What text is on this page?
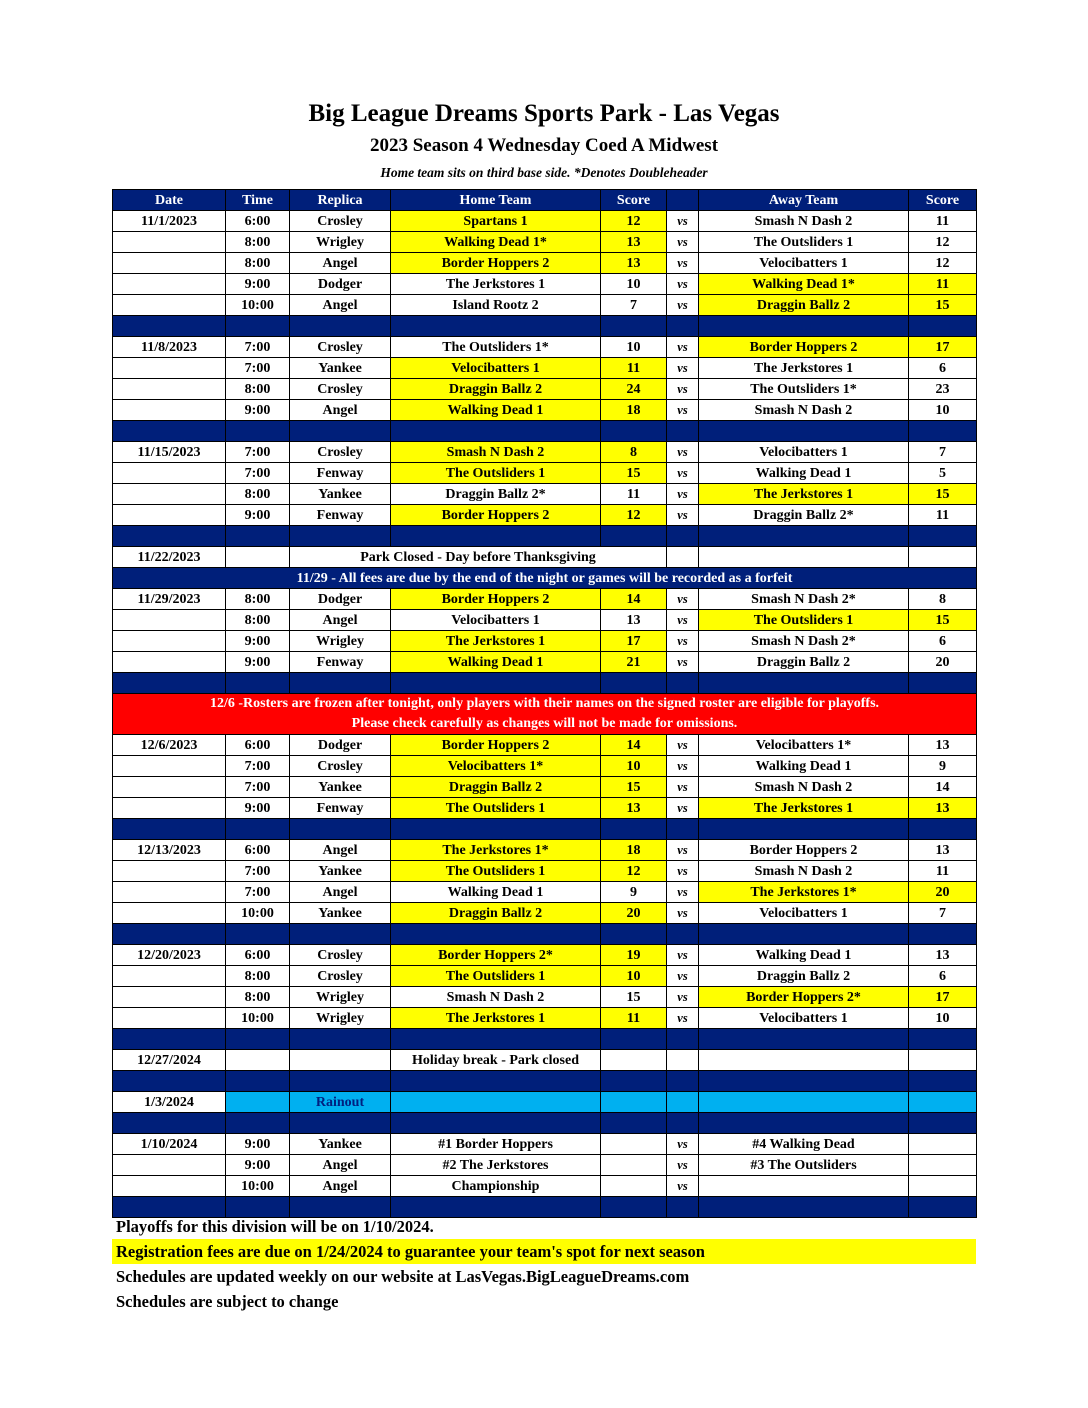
Big League Dreams Sports Park - Las Vegas
2023 Season 4 Wednesday Coed A Midwest
Home team sits on third base side. *Denotes Doubleheader
Date	Time	Replica	Home Team	Score		Away Team	Score
11/1/2023	6:00	Crosley	Spartans 1	12	vs	Smash N Dash 2	11
	8:00	Wrigley	Walking Dead 1*	13	vs	The Outsliders 1	12
	8:00	Angel	Border Hoppers 2	13	vs	Velocibatters 1	12
	9:00	Dodger	The Jerkstores 1	10	vs	Walking Dead 1*	11
	10:00	Angel	Island Rootz 2	7	vs	Draggin Ballz 2	15

11/8/2023	7:00	Crosley	The Outsliders 1*	10	vs	Border Hoppers 2	17
	7:00	Yankee	Velocibatters 1	11	vs	The Jerkstores 1	6
	8:00	Crosley	Draggin Ballz 2	24	vs	The Outsliders 1*	23
	9:00	Angel	Walking Dead 1	18	vs	Smash N Dash 2	10

11/15/2023	7:00	Crosley	Smash N Dash 2	8	vs	Velocibatters 1	7
	7:00	Fenway	The Outsliders 1	15	vs	Walking Dead 1	5
	8:00	Yankee	Draggin Ballz 2*	11	vs	The Jerkstores 1	15
	9:00	Fenway	Border Hoppers 2	12	vs	Draggin Ballz 2*	11

11/22/2023		Park Closed - Day before Thanksgiving					
11/29 - All fees are due by the end of the night or games will be recorded as a forfeit							
11/29/2023	8:00	Dodger	Border Hoppers 2	14	vs	Smash N Dash 2*	8
	8:00	Angel	Velocibatters 1	13	vs	The Outsliders 1	15
	9:00	Wrigley	The Jerkstores 1	17	vs	Smash N Dash 2*	6
	9:00	Fenway	Walking Dead 1	21	vs	Draggin Ballz 2	20

12/6 -Rosters are frozen after tonight, only players with their names on the signed roster are eligible for playoffs.
Please check carefully as changes will not be made for omissions.							

12/6/2023	6:00	Dodger	Border Hoppers 2	14	vs	Velocibatters 1*	13
	7:00	Crosley	Velocibatters 1*	10	vs	Walking Dead 1	9
	7:00	Yankee	Draggin Ballz 2	15	vs	Smash N Dash 2	14
	9:00	Fenway	The Outsliders 1	13	vs	The Jerkstores 1	13

12/13/2023	6:00	Angel	The Jerkstores 1*	18	vs	Border Hoppers 2	13
	7:00	Yankee	The Outsliders 1	12	vs	Smash N Dash 2	11
	7:00	Angel	Walking Dead 1	9	vs	The Jerkstores 1*	20
	10:00	Yankee	Draggin Ballz 2	20	vs	Velocibatters 1	7

12/20/2023	6:00	Crosley	Border Hoppers 2*	19	vs	Walking Dead 1	13
	8:00	Crosley	The Outsliders 1	10	vs	Draggin Ballz 2	6
	8:00	Wrigley	Smash N Dash 2	15	vs	Border Hoppers 2*	17
	10:00	Wrigley	The Jerkstores 1	11	vs	Velocibatters 1	10

12/27/2024			Holiday break - Park closed				

1/3/2024		Rainout					

1/10/2024	9:00	Yankee	#1 Border Hoppers		vs	#4 Walking Dead	
	9:00	Angel	#2 The Jerkstores		vs	#3 The Outsliders	
	10:00	Angel	Championship		vs		

Playoffs for this division will be on 1/10/2024.
Registration fees are due on 1/24/2024 to guarantee your team's spot for next season
Schedules are updated weekly on our website at LasVegas.BigLeagueDreams.com
Schedules are subject to change
